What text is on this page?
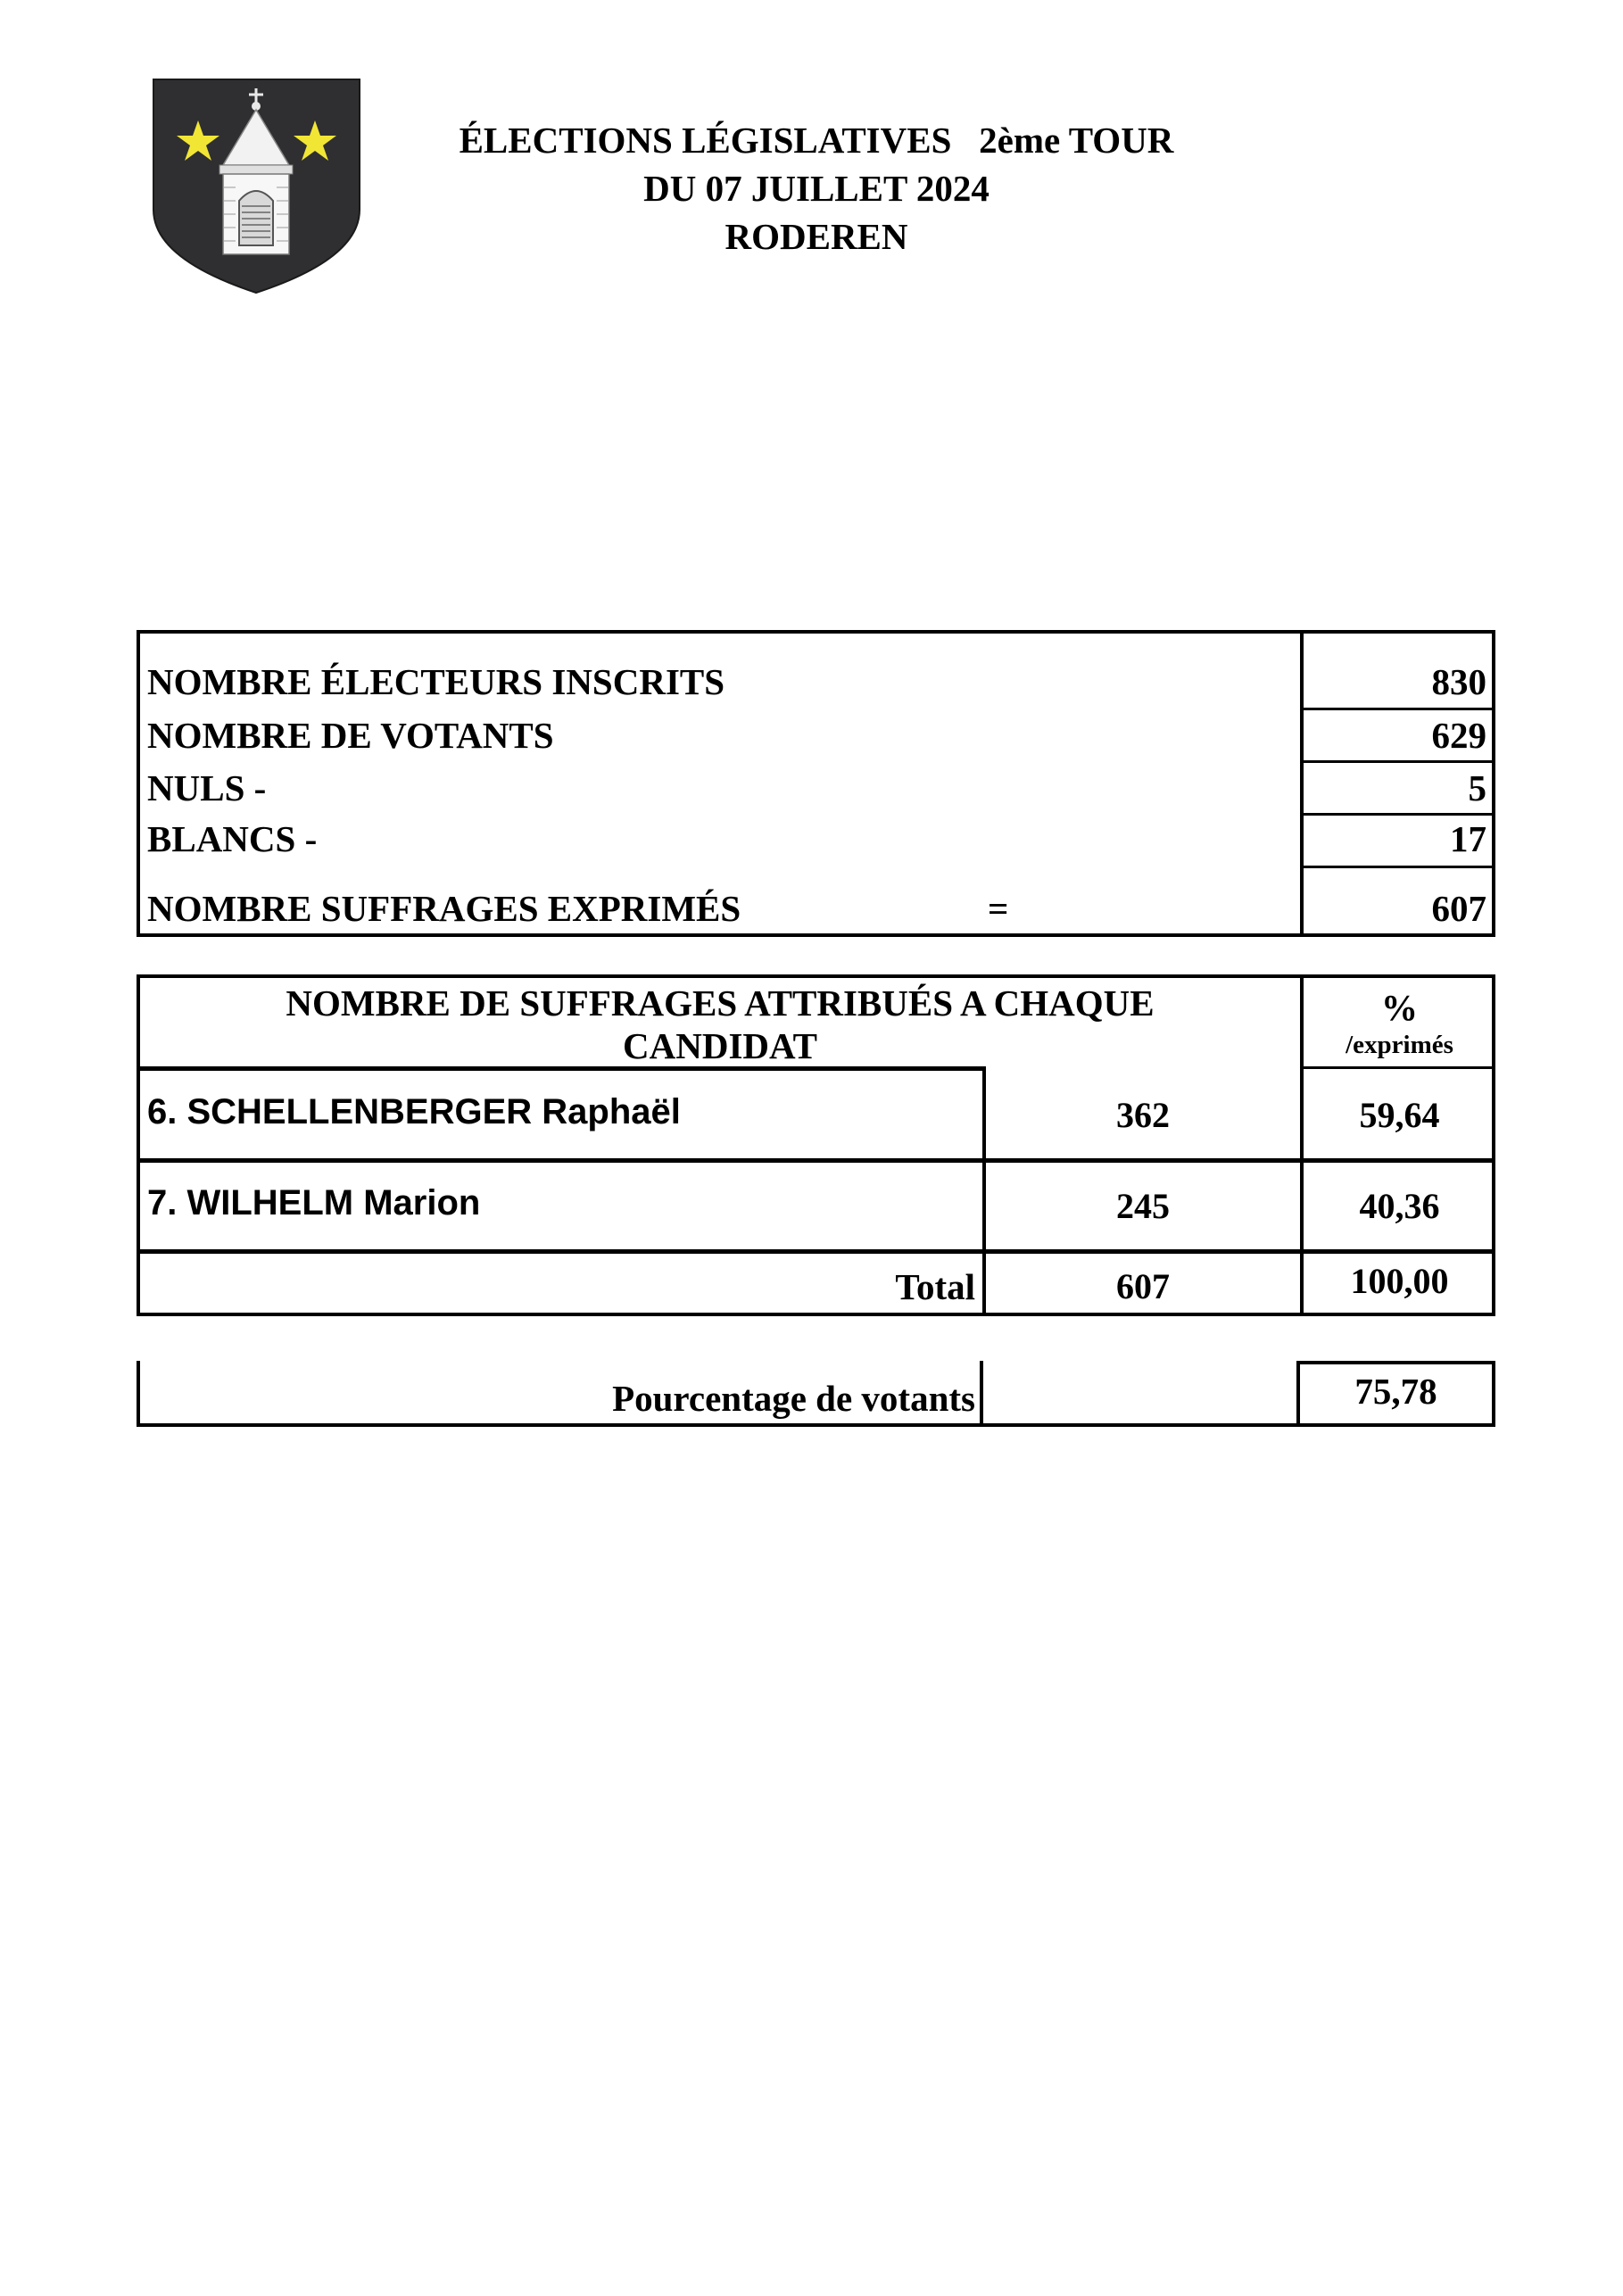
ÉLECTIONS LÉGISLATIVES   2ème TOUR
DU 07 JUILLET 2024
RODEREN
NOMBRE ÉLECTEURS INSCRITS	830
NOMBRE DE VOTANTS	629
NULS -	5
BLANCS -	17
NOMBRE SUFFRAGES EXPRIMÉS	=	607
NOMBRE DE SUFFRAGES ATTRIBUÉS A CHAQUE
CANDIDAT
%
/exprimés
6. SCHELLENBERGER Raphaël	362	59,64
7. WILHELM Marion	245	40,36
Total	607	100,00
Pourcentage de votants	75,78
